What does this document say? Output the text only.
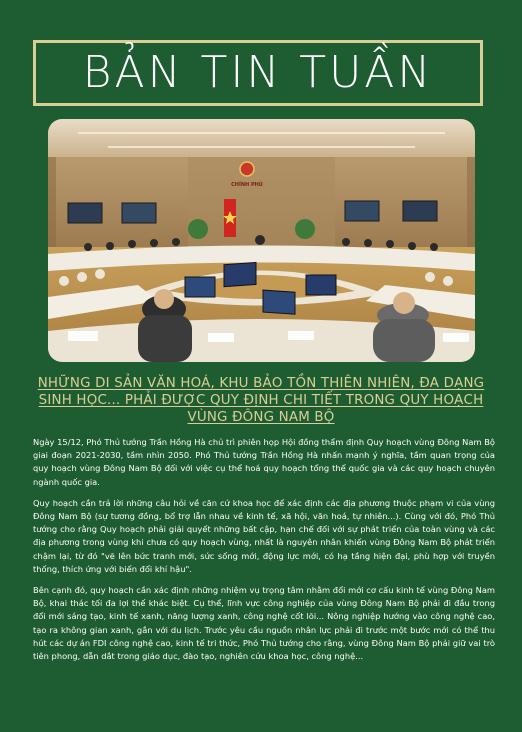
BẢN TIN TUẦN
CHÍNH PHỦ
NHỮNG DI SẢN VĂN HOÁ, KHU BẢO TỒN THIÊN NHIÊN, ĐA DẠNG SINH HỌC... PHẢI ĐƯỢC QUY ĐỊNH CHI TIẾT TRONG QUY HOẠCH VÙNG ĐÔNG NAM BỘ

Ngày 15/12, Phó Thủ tướng Trần Hồng Hà chủ trì phiên họp Hội đồng thẩm định Quy hoạch vùng Đông Nam Bộ giai đoạn 2021-2030, tầm nhìn 2050. Phó Thủ tướng Trần Hồng Hà nhấn mạnh ý nghĩa, tầm quan trọng của quy hoạch vùng Đông Nam Bộ đối với việc cụ thể hoá quy hoạch tổng thể quốc gia và các quy hoạch chuyên ngành quốc gia.

Quy hoạch cần trả lời những câu hỏi về căn cứ khoa học để xác định các địa phương thuộc phạm vi của vùng Đông Nam Bộ (sự tương đồng, bổ trợ lẫn nhau về kinh tế, xã hội, văn hoá, tự nhiên...). Cùng với đó, Phó Thủ tướng cho rằng Quy hoạch phải giải quyết những bất cập, hạn chế đối với sự phát triển của toàn vùng và các địa phương trong vùng khi chưa có quy hoạch vùng, nhất là nguyên nhân khiến vùng Đông Nam Bộ phát triển chậm lại, từ đó "vẽ lên bức tranh mới, sức sống mới, động lực mới, có hạ tầng hiện đại, phù hợp với truyền thống, thích ứng với biến đổi khí hậu".

Bên cạnh đó, quy hoạch cần xác định những nhiệm vụ trọng tâm nhằm đổi mới cơ cấu kinh tế vùng Đông Nam Bộ, khai thác tối đa lợi thế khác biệt. Cụ thể, lĩnh vực công nghiệp của vùng Đông Nam Bộ phải đi đầu trong đổi mới sáng tạo, kinh tế xanh, năng lượng xanh, công nghệ cốt lõi... Nông nghiệp hướng vào công nghệ cao, tạo ra không gian xanh, gắn với du lịch. Trước yêu cầu nguồn nhân lực phải đi trước một bước mới có thể thu hút các dự án FDI công nghệ cao, kinh tế tri thức, Phó Thủ tướng cho rằng, vùng Đông Nam Bộ phải giữ vai trò tiên phong, dẫn dắt trong giáo dục, đào tạo, nghiên cứu khoa học, công nghệ...
